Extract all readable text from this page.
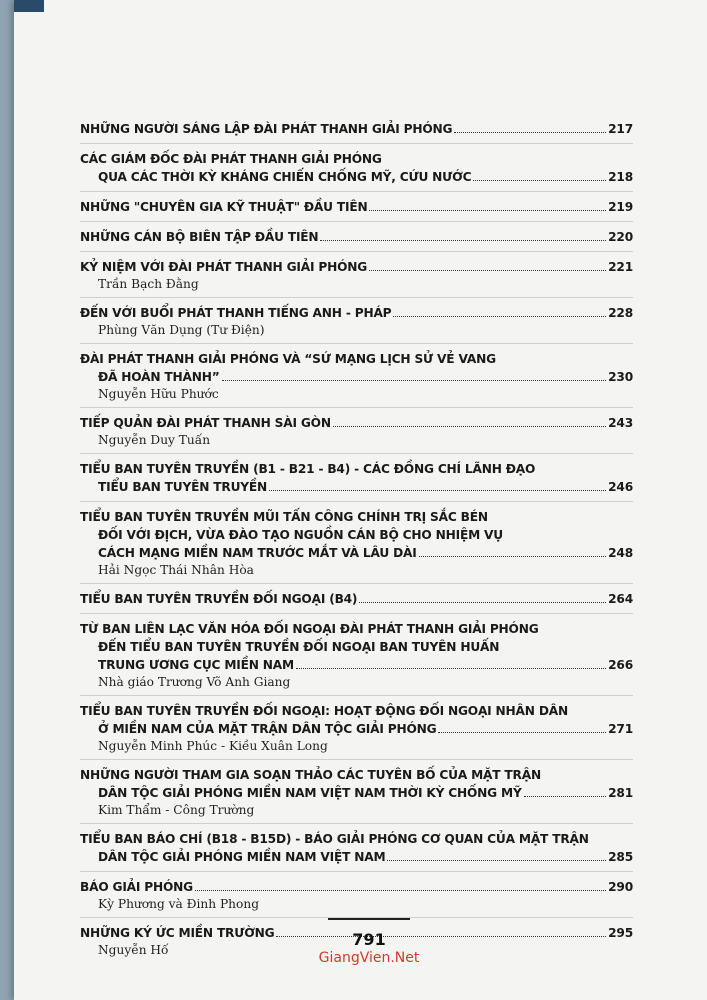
NHỮNG NGƯỜI SÁNG LẬP ĐÀI PHÁT THANH GIẢI PHÓNG	217
CÁC GIÁM ĐỐC ĐÀI PHÁT THANH GIẢI PHÓNG
QUA CÁC THỜI KỲ KHÁNG CHIẾN CHỐNG MỸ, CỨU NƯỚC	218
NHỮNG "CHUYÊN GIA KỸ THUẬT" ĐẦU TIÊN	219
NHỮNG CÁN BỘ BIÊN TẬP ĐẦU TIÊN	220
KỶ NIỆM VỚI ĐÀI PHÁT THANH GIẢI PHÓNG	221
Trần Bạch Đằng
ĐẾN VỚI BUỔI PHÁT THANH TIẾNG ANH - PHÁP	228
Phùng Văn Dụng (Tư Điện)
ĐÀI PHÁT THANH GIẢI PHÓNG VÀ “SỨ MẠNG LỊCH SỬ VẺ VANG
ĐÃ HOÀN THÀNH”	230
Nguyễn Hữu Phước
TIẾP QUẢN ĐÀI PHÁT THANH SÀI GÒN	243
Nguyễn Duy Tuấn
TIỂU BAN TUYÊN TRUYỀN (B1 - B21 - B4) - CÁC ĐỒNG CHÍ LÃNH ĐẠO
TIỂU BAN TUYÊN TRUYỀN	246
TIỂU BAN TUYÊN TRUYỀN MŨI TẤN CÔNG CHÍNH TRỊ SẮC BÉN
ĐỐI VỚI ĐỊCH, VỪA ĐÀO TẠO NGUỒN CÁN BỘ CHO NHIỆM VỤ
CÁCH MẠNG MIỀN NAM TRƯỚC MẮT VÀ LÂU DÀI	248
Hải Ngọc Thái Nhân Hòa
TIỂU BAN TUYÊN TRUYỀN ĐỐI NGOẠI (B4)	264
TỪ BAN LIÊN LẠC VĂN HÓA ĐỐI NGOẠI ĐÀI PHÁT THANH GIẢI PHÓNG
ĐẾN TIỂU BAN TUYÊN TRUYỀN ĐỐI NGOẠI BAN TUYÊN HUẤN
TRUNG ƯƠNG CỤC MIỀN NAM	266
Nhà giáo Trương Võ Anh Giang
TIỂU BAN TUYÊN TRUYỀN ĐỐI NGOẠI: HOẠT ĐỘNG ĐỐI NGOẠI NHÂN DÂN
Ở MIỀN NAM CỦA MẶT TRẬN DÂN TỘC GIẢI PHÓNG	271
Nguyễn Minh Phúc - Kiều Xuân Long
NHỮNG NGƯỜI THAM GIA SOẠN THẢO CÁC TUYÊN BỐ CỦA MẶT TRẬN
DÂN TỘC GIẢI PHÓNG MIỀN NAM VIỆT NAM THỜI KỲ CHỐNG MỸ	281
Kim Thẩm - Công Trường
TIỂU BAN BÁO CHÍ (B18 - B15D) - BÁO GIẢI PHÓNG CƠ QUAN CỦA MẶT TRẬN
DÂN TỘC GIẢI PHÓNG MIỀN NAM VIỆT NAM	285
BÁO GIẢI PHÓNG	290
Kỳ Phương và Đinh Phong
NHỮNG KÝ ỨC MIỀN TRƯỜNG	295
Nguyễn Hố
791
GiangVien.Net
